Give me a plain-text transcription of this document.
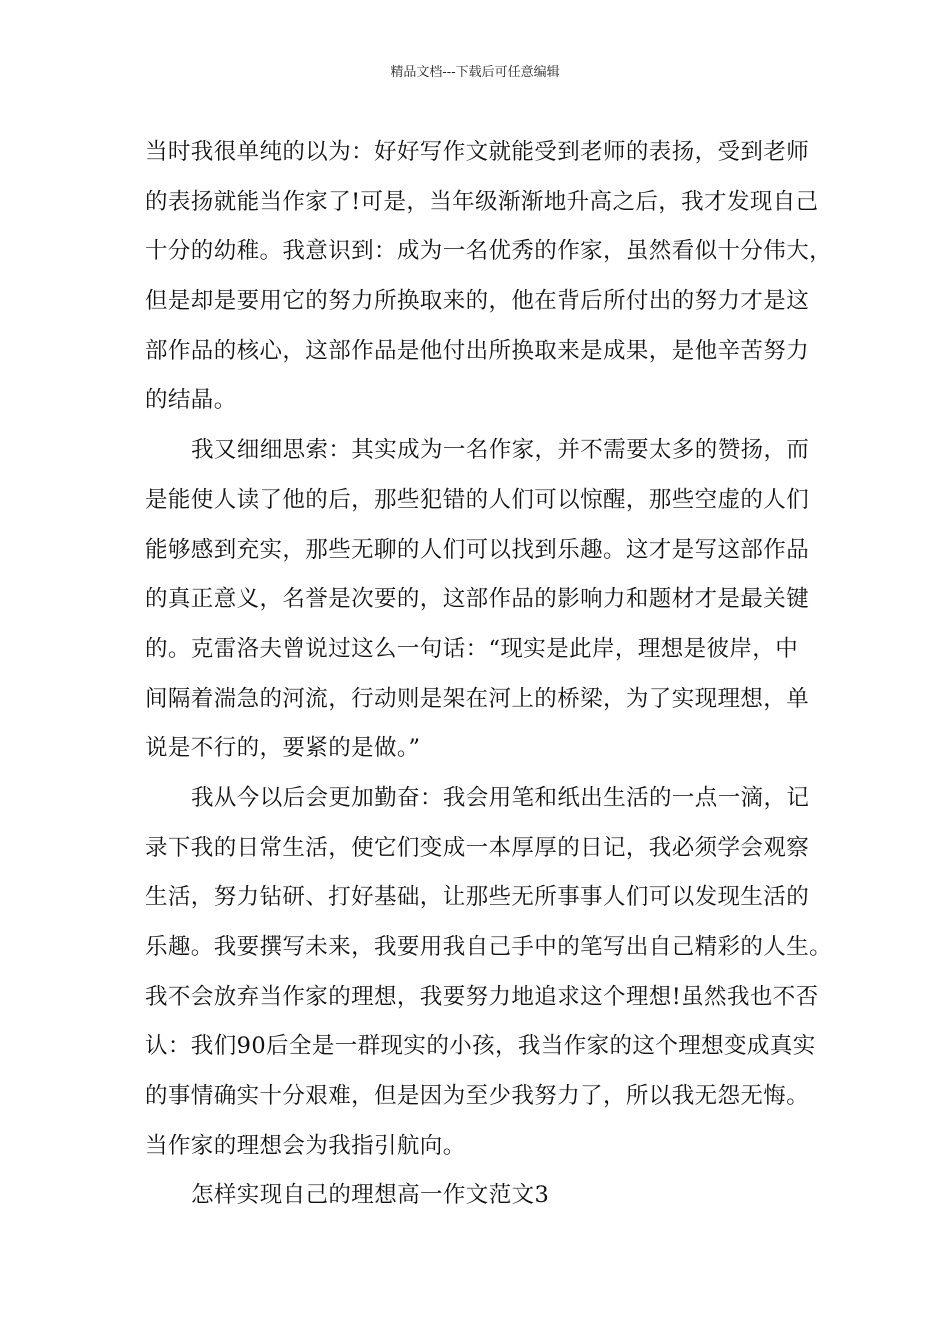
精品文档---下载后可任意编辑
当时我很单纯的以为：好好写作文就能受到老师的表扬，受到老师
的表扬就能当作家了!可是，当年级渐渐地升高之后，我才发现自己
十分的幼稚。我意识到：成为一名优秀的作家，虽然看似十分伟大，
但是却是要用它的努力所换取来的，他在背后所付出的努力才是这
部作品的核心，这部作品是他付出所换取来是成果，是他辛苦努力
的结晶。
我又细细思索：其实成为一名作家，并不需要太多的赞扬，而
是能使人读了他的后，那些犯错的人们可以惊醒，那些空虚的人们
能够感到充实，那些无聊的人们可以找到乐趣。这才是写这部作品
的真正意义，名誉是次要的，这部作品的影响力和题材才是最关键
的。克雷洛夫曾说过这么一句话：“现实是此岸，理想是彼岸，中
间隔着湍急的河流，行动则是架在河上的桥梁，为了实现理想，单
说是不行的，要紧的是做。”
我从今以后会更加勤奋：我会用笔和纸出生活的一点一滴，记
录下我的日常生活，使它们变成一本厚厚的日记，我必须学会观察
生活，努力钻研、打好基础，让那些无所事事人们可以发现生活的
乐趣。我要撰写未来，我要用我自己手中的笔写出自己精彩的人生。
我不会放弃当作家的理想，我要努力地追求这个理想!虽然我也不否
认：我们90后全是一群现实的小孩，我当作家的这个理想变成真实
的事情确实十分艰难，但是因为至少我努力了，所以我无怨无悔。
当作家的理想会为我指引航向。
怎样实现自己的理想高一作文范文3
